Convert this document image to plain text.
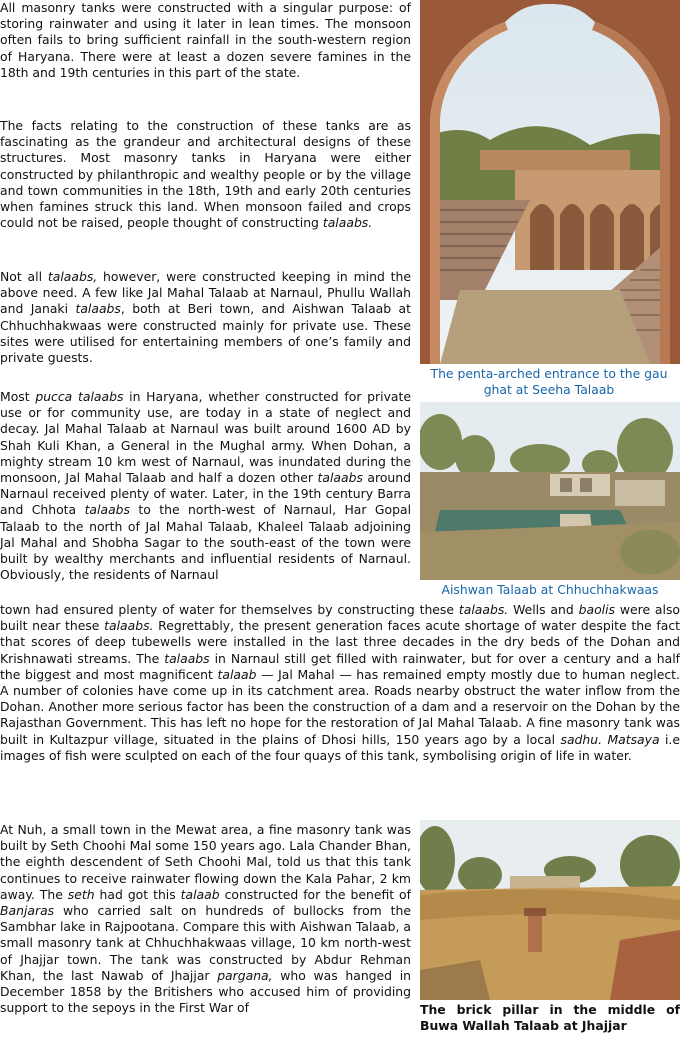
All masonry tanks were constructed with a singular purpose: of storing rainwater and using it later in lean times. The monsoon often fails to bring sufficient rainfall in the south-western region of Haryana. There were at least a dozen severe famines in the 18th and 19th centuries in this part of the state.
The facts relating to the construction of these tanks are as fascinating as the grandeur and architectural designs of these structures. Most masonry tanks in Haryana were either constructed by philanthropic and wealthy people or by the village and town communities in the 18th, 19th and early 20th centuries when famines struck this land. When monsoon failed and crops could not be raised, people thought of constructing talaabs.
Not all talaabs, however, were constructed keeping in mind the above need. A few like Jal Mahal Talaab at Narnaul, Phullu Wallah and Janaki talaabs, both at Beri town, and Aishwan Talaab at Chhuchhakwaas were constructed mainly for private use. These sites were utilised for entertaining members of one’s family and private guests.
Most pucca talaabs in Haryana, whether constructed for private use or for community use, are today in a state of neglect and decay. Jal Mahal Talaab at Narnaul was built around 1600 AD by Shah Kuli Khan, a General in the Mughal army. When Dohan, a mighty stream 10 km west of Narnaul, was inundated during the monsoon, Jal Mahal Talaab and half a dozen other talaabs around Narnaul received plenty of water. Later, in the 19th century Barra and Chhota talaabs to the north-west of Narnaul, Har Gopal Talaab to the north of Jal Mahal Talaab, Khaleel Talaab adjoining Jal Mahal and Shobha Sagar to the south-east of the town were built by wealthy merchants and influential residents of Narnaul. Obviously, the residents of Narnaul
town had ensured plenty of water for themselves by constructing these talaabs. Wells and baolis were also built near these talaabs. Regrettably, the present generation faces acute shortage of water despite the fact that scores of deep tubewells were installed in the last three decades in the dry beds of the Dohan and Krishnawati streams. The talaabs in Narnaul still get filled with rainwater, but for over a century and a half the biggest and most magnificent talaab — Jal Mahal — has remained empty mostly due to human neglect. A number of colonies have come up in its catchment area. Roads nearby obstruct the water inflow from the Dohan. Another more serious factor has been the construction of a dam and a reservoir on the Dohan by the Rajasthan Government. This has left no hope for the restoration of Jal Mahal Talaab. A fine masonry tank was built in Kultazpur village, situated in the plains of Dhosi hills, 150 years ago by a local sadhu. Matsaya i.e images of fish were sculpted on each of the four quays of this tank, symbolising origin of life in water.
At Nuh, a small town in the Mewat area, a fine masonry tank was built by Seth Choohi Mal some 150 years ago. Lala Chander Bhan, the eighth descendent of Seth Choohi Mal, told us that this tank continues to receive rainwater flowing down the Kala Pahar, 2 km away. The seth had got this talaab constructed for the benefit of Banjaras who carried salt on hundreds of bullocks from the Sambhar lake in Rajpootana. Compare this with Aishwan Talaab, a small masonry tank at Chhuchhakwaas village, 10 km north-west of Jhajjar town. The tank was constructed by Abdur Rehman Khan, the last Nawab of Jhajjar pargana, who was hanged in December 1858 by the Britishers who accused him of providing support to the sepoys in the First War of
The penta-arched entrance to the gau ghat at Seeha Talaab
Aishwan Talaab at Chhuchhakwaas
The brick pillar in the middle of Buwa Wallah Talaab at Jhajjar
